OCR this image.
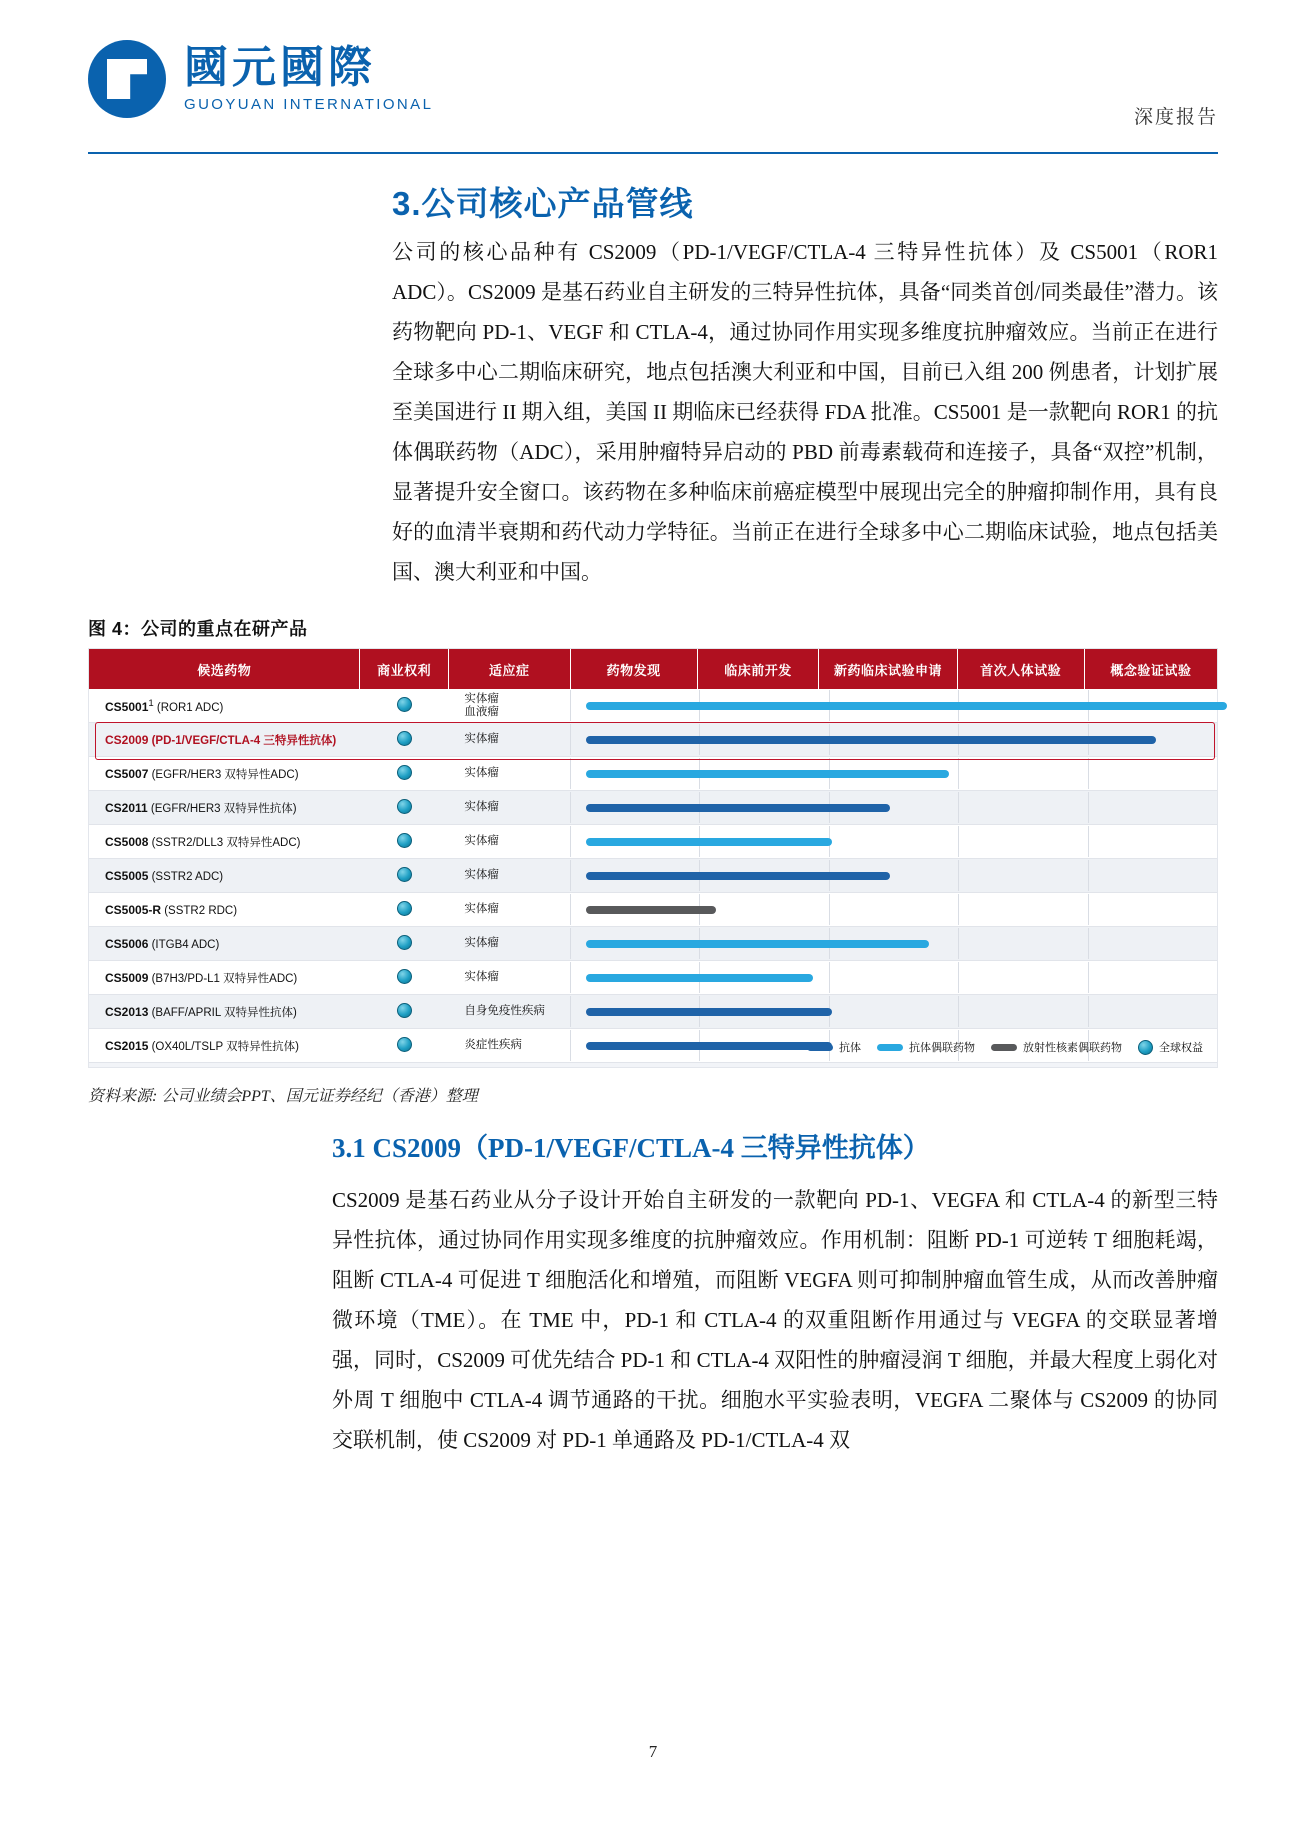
國元國際
GUOYUAN INTERNATIONAL
深度报告
3.公司核心产品管线
公司的核心品种有 CS2009（PD-1/VEGF/CTLA-4 三特异性抗体）及 CS5001（ROR1 ADC）。CS2009 是基石药业自主研发的三特异性抗体，具备“同类首创/同类最佳”潜力。该药物靶向 PD-1、VEGF 和 CTLA-4，通过协同作用实现多维度抗肿瘤效应。当前正在进行全球多中心二期临床研究，地点包括澳大利亚和中国，目前已入组 200 例患者，计划扩展至美国进行 II 期入组，美国 II 期临床已经获得 FDA 批准。CS5001 是一款靶向 ROR1 的抗体偶联药物（ADC），采用肿瘤特异启动的 PBD 前毒素载荷和连接子，具备“双控”机制，显著提升安全窗口。该药物在多种临床前癌症模型中展现出完全的肿瘤抑制作用，具有良好的血清半衰期和药代动力学特征。当前正在进行全球多中心二期临床试验，地点包括美国、澳大利亚和中国。
图 4：公司的重点在研产品
候选药物	商业权利	适应症	药物发现	临床前开发	新药临床试验申请	首次人体试验	概念验证试验
CS5001$^1$ (ROR1 ADC)		实体瘤
血液瘤					

CS2009 (PD-1/VEGF/CTLA-4 三特异性抗体)		实体瘤					

CS5007 (EGFR/HER3 双特异性ADC)		实体瘤					

CS2011 (EGFR/HER3 双特异性抗体)		实体瘤					

CS5008 (SSTR2/DLL3 双特异性ADC)		实体瘤					

CS5005 (SSTR2 ADC)		实体瘤					

CS5005-R (SSTR2 RDC)		实体瘤					

CS5006 (ITGB4 ADC)		实体瘤					

CS5009 (B7H3/PD-L1 双特异性ADC)		实体瘤					

CS2013 (BAFF/APRIL 双特异性抗体)		自身免疫性疾病					

CS2015 (OX40L/TSLP 双特异性抗体)		炎症性疾病					
		抗体	抗体偶联药物	放射性核素偶联药物	全球权益
资料来源: 公司业绩会PPT、国元证券经纪（香港）整理
3.1 CS2009（PD-1/VEGF/CTLA-4 三特异性抗体）
CS2009 是基石药业从分子设计开始自主研发的一款靶向 PD-1、VEGFA 和 CTLA-4 的新型三特异性抗体，通过协同作用实现多维度的抗肿瘤效应。作用机制：阻断 PD-1 可逆转 T 细胞耗竭，阻断 CTLA-4 可促进 T 细胞活化和增殖，而阻断 VEGFA 则可抑制肿瘤血管生成，从而改善肿瘤微环境（TME）。在 TME 中，PD-1 和 CTLA-4 的双重阻断作用通过与 VEGFA 的交联显著增强，同时，CS2009 可优先结合 PD-1 和 CTLA-4 双阳性的肿瘤浸润 T 细胞，并最大程度上弱化对外周 T 细胞中 CTLA-4 调节通路的干扰。细胞水平实验表明，VEGFA 二聚体与 CS2009 的协同交联机制，使 CS2009 对 PD-1 单通路及 PD-1/CTLA-4 双
7
